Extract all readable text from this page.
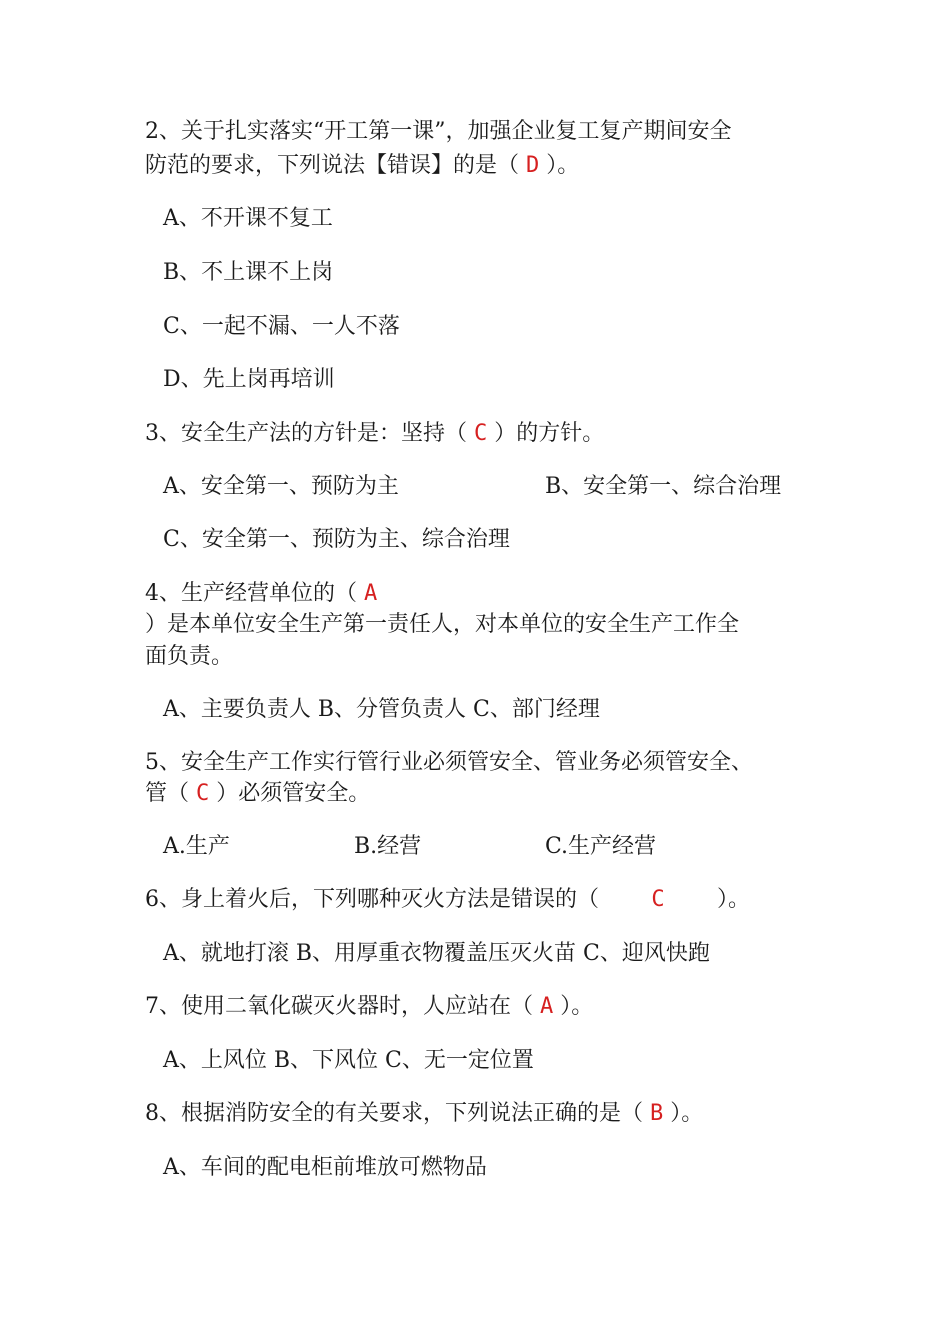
2、关于扎实落实“开工第一课”，加强企业复工复产期间安全

防范的要求，下列说法【错误】的是（ D ）。

A、不开课不复工

B、不上课不上岗

C、一起不漏、一人不落

D、先上岗再培训

3、安全生产法的方针是：坚持（ C ）的方针。

A、安全第一、预防为主	B、安全第一、综合治理

C、安全第一、预防为主、综合治理

4、生产经营单位的（ A

）是本单位安全生产第一责任人，对本单位的安全生产工作全

面负责。

A、主要负责人 B、分管负责人 C、部门经理

5、安全生产工作实行管行业必须管安全、管业务必须管安全、

管（ C ）必须管安全。

A.生产	B.经营	C.生产经营

6、身上着火后，下列哪种灭火方法是错误的（ C ）。

A、就地打滚 B、用厚重衣物覆盖压灭火苗 C、迎风快跑

7、使用二氧化碳灭火器时，人应站在（ A ）。

A、上风位 B、下风位 C、无一定位置

8、根据消防安全的有关要求，下列说法正确的是（ B ）。

A、车间的配电柜前堆放可燃物品
